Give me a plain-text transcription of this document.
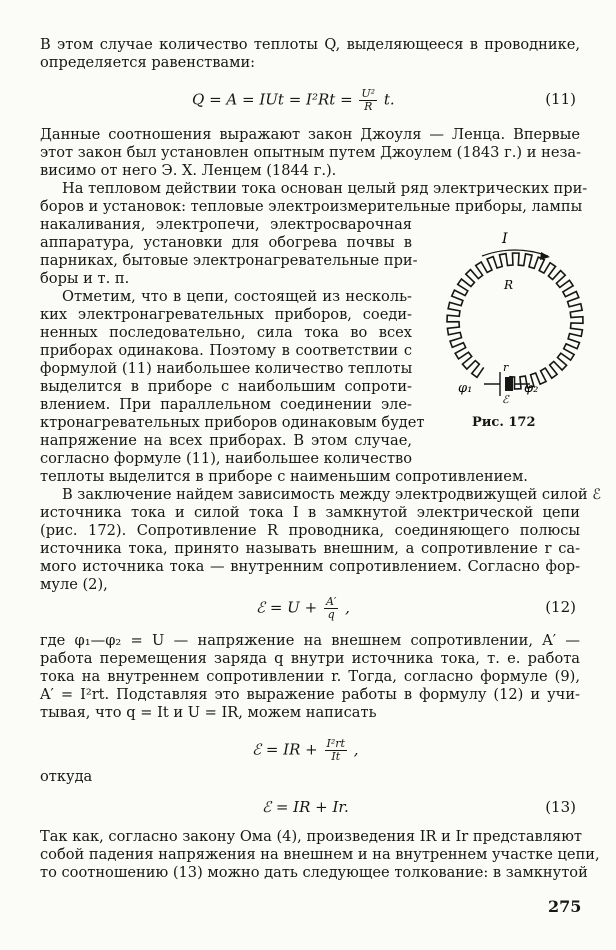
В этом случае количество теплоты Q, выделяющееся в проводнике,
определяется равенствами:
Q = A = IUt = $I^2Rt = \frac{\text{U²}}{R} t$.	(11)
Данные соотношения выражают закон Джоуля — Ленца. Впервые
этот закон был установлен опытным путем Джоулем (1843 г.) и неза-
висимо от него Э. Х. Ленцем (1844 г.).
На тепловом действии тока основан целый ряд электрических при-
боров и установок: тепловые электроизмерительные приборы, лампы
накаливания, электропечи, электросварочная
аппаратура, установки для обогрева почвы в
парниках, бытовые электронагревательные при-
боры и т. п.
Отметим, что в цепи, состоящей из несколь-
ких электронагревательных приборов, соеди-
ненных последовательно, сила тока во всех
приборах одинакова. Поэтому в соответствии с
формулой (11) наибольшее количество теплоты
выделится в приборе с наибольшим сопроти-
влением. При параллельном соединении эле-
ктронагревательных приборов одинаковым будет
напряжение на всех приборах. В этом случае,
согласно формуле (11), наибольшее количество
теплоты выделится в приборе с наименьшим сопротивлением.
I
R
r
ℰ
φ₁	φ₂
Рис. 172
В заключение найдем зависимость между электродвижущей силой ℰ
источника тока и силой тока I в замкнутой электрической цепи
(рис. 172). Сопротивление R проводника, соединяющего полюсы
источника тока, принято называть внешним, а сопротивление r са-
мого источника тока — внутренним сопротивлением. Согласно фор-
муле (2),
ℰ = $U + \frac{A'}{q}$ ,	(12)
где φ₁—φ₂ = U — напряжение на внешнем сопротивлении, A′ —
работа перемещения заряда q внутри источника тока, т. е. работа
тока на внутреннем сопротивлении r. Тогда, согласно формуле (9),
A′ = I²rt. Подставляя это выражение работы в формулу (12) и учи-
тывая, что q = It и U = IR, можем написать
ℰ = IR + $\frac{\text{I²rt}}{It}$ ,
откуда
ℰ = IR + Ir.	(13)
Так как, согласно закону Ома (4), произведения IR и Ir представляют
собой падения напряжения на внешнем и на внутреннем участке цепи,
то соотношению (13) можно дать следующее толкование: в замкнутой
275
